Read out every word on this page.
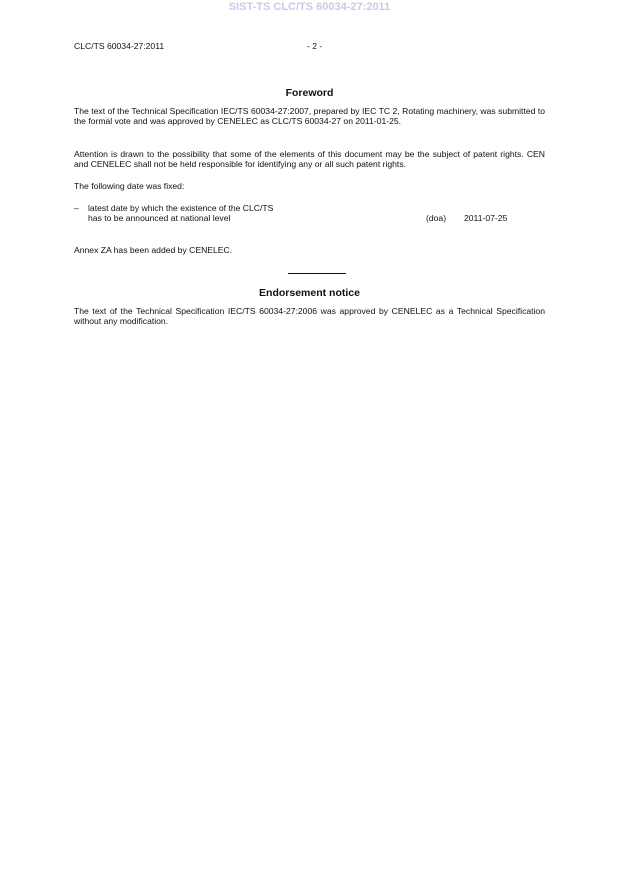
SIST-TS CLC/TS 60034-27:2011
CLC/TS 60034-27:2011	- 2 -
Foreword

The text of the Technical Specification IEC/TS 60034-27:2007, prepared by IEC TC 2, Rotating machinery, was submitted to the formal vote and was approved by CENELEC as CLC/TS 60034-27 on 2011-01-25.

Attention is drawn to the possibility that some of the elements of this document may be the subject of patent rights. CEN and CENELEC shall not be held responsible for identifying any or all such patent rights.

The following date was fixed:

– latest date by which the existence of the CLC/TS
has to be announced at national level	(doa) 2011-07-25

Annex ZA has been added by CENELEC.

Endorsement notice

The text of the Technical Specification IEC/TS 60034-27:2006 was approved by CENELEC as a Technical Specification without any modification.
